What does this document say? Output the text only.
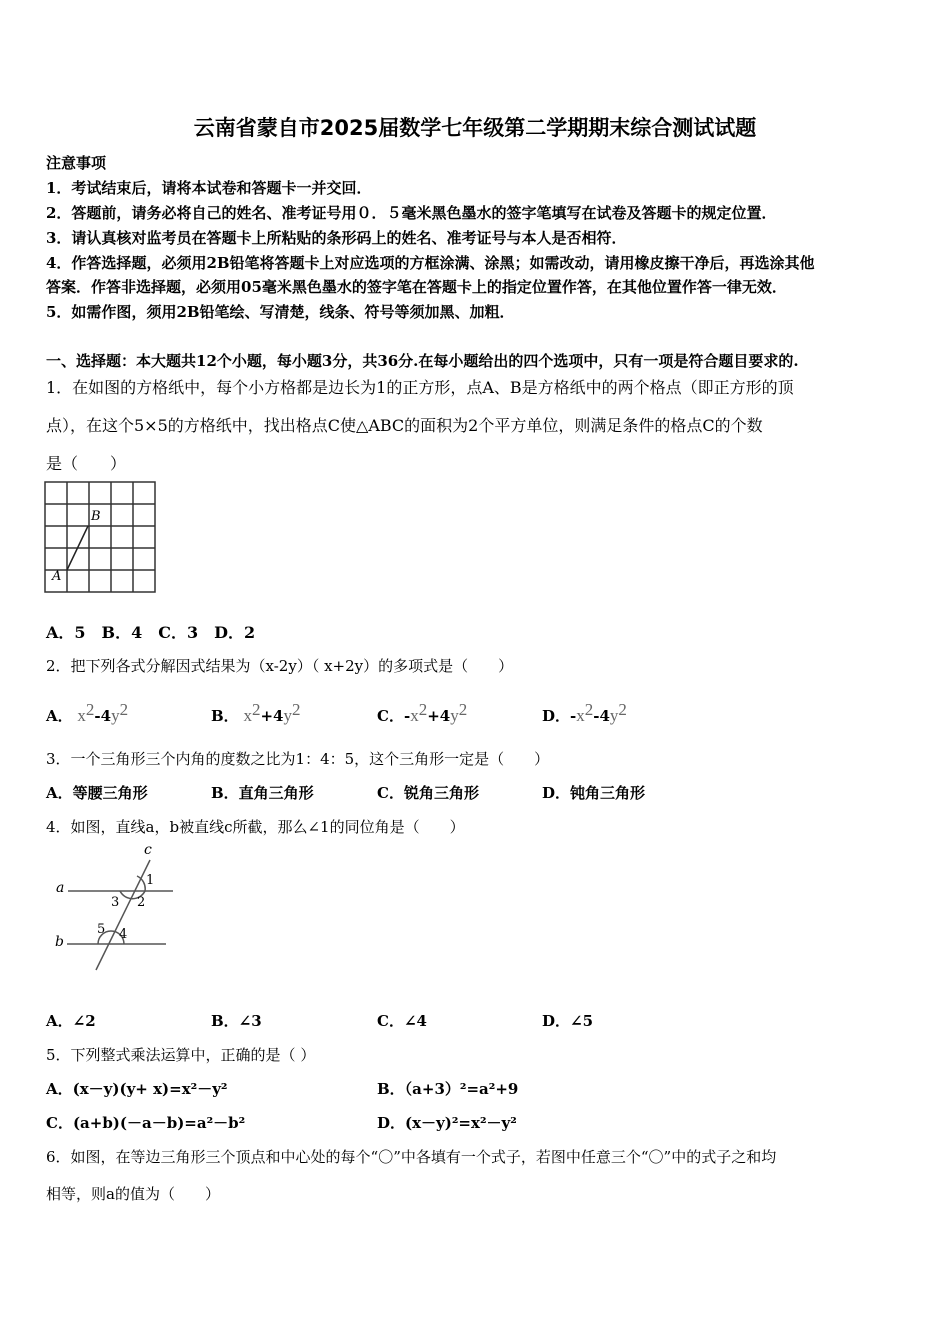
云南省蒙自市2025届数学七年级第二学期期末综合测试试题
注意事项
1．考试结束后，请将本试卷和答题卡一并交回．
2．答题前，请务必将自己的姓名、准考证号用０．５毫米黑色墨水的签字笔填写在试卷及答题卡的规定位置．
3．请认真核对监考员在答题卡上所粘贴的条形码上的姓名、准考证号与本人是否相符．
4．作答选择题，必须用2B铅笔将答题卡上对应选项的方框涂满、涂黑；如需改动，请用橡皮擦干净后，再选涂其他
答案．作答非选择题，必须用05毫米黑色墨水的签字笔在答题卡上的指定位置作答，在其他位置作答一律无效．
5．如需作图，须用2B铅笔绘、写清楚，线条、符号等须加黑、加粗．
一、选择题：本大题共12个小题，每小题3分，共36分.在每小题给出的四个选项中，只有一项是符合题目要求的.
1．在如图的方格纸中，每个小方格都是边长为1的正方形，点A、B是方格纸中的两个格点（即正方形的顶
点），在这个5×5的方格纸中，找出格点C使△ABC的面积为2个平方单位，则满足条件的格点C的个数
是（　　）
B
A
A．5　B．4　C．3　D．2
2．把下列各式分解因式结果为（x-2y）（ x+2y）的多项式是（　　）
A． $x^2-4y^2$	B． $x^2+4y^2$	C．$-x^2+4y^2$	D．$-x^2-4y^2$
3．一个三角形三个内角的度数之比为1：4：5，这个三角形一定是（　　）
A．等腰三角形	B．直角三角形	C．锐角三角形	D．钝角三角形
4．如图，直线a，b被直线c所截，那么∠1的同位角是（　　）
c
a
b
1
2
3
4
5
A．∠2	B．∠3	C．∠4	D．∠5
5．下列整式乘法运算中，正确的是（ ）
A．(x－y)(y+ x)=x²－y²	B．（a+3）²=a²+9
C．(a+b)(－a－b)=a²－b²	D．(x－y)²=x²－y²
6．如图，在等边三角形三个顶点和中心处的每个“〇”中各填有一个式子，若图中任意三个“〇”中的式子之和均
相等，则a的值为（　　）
